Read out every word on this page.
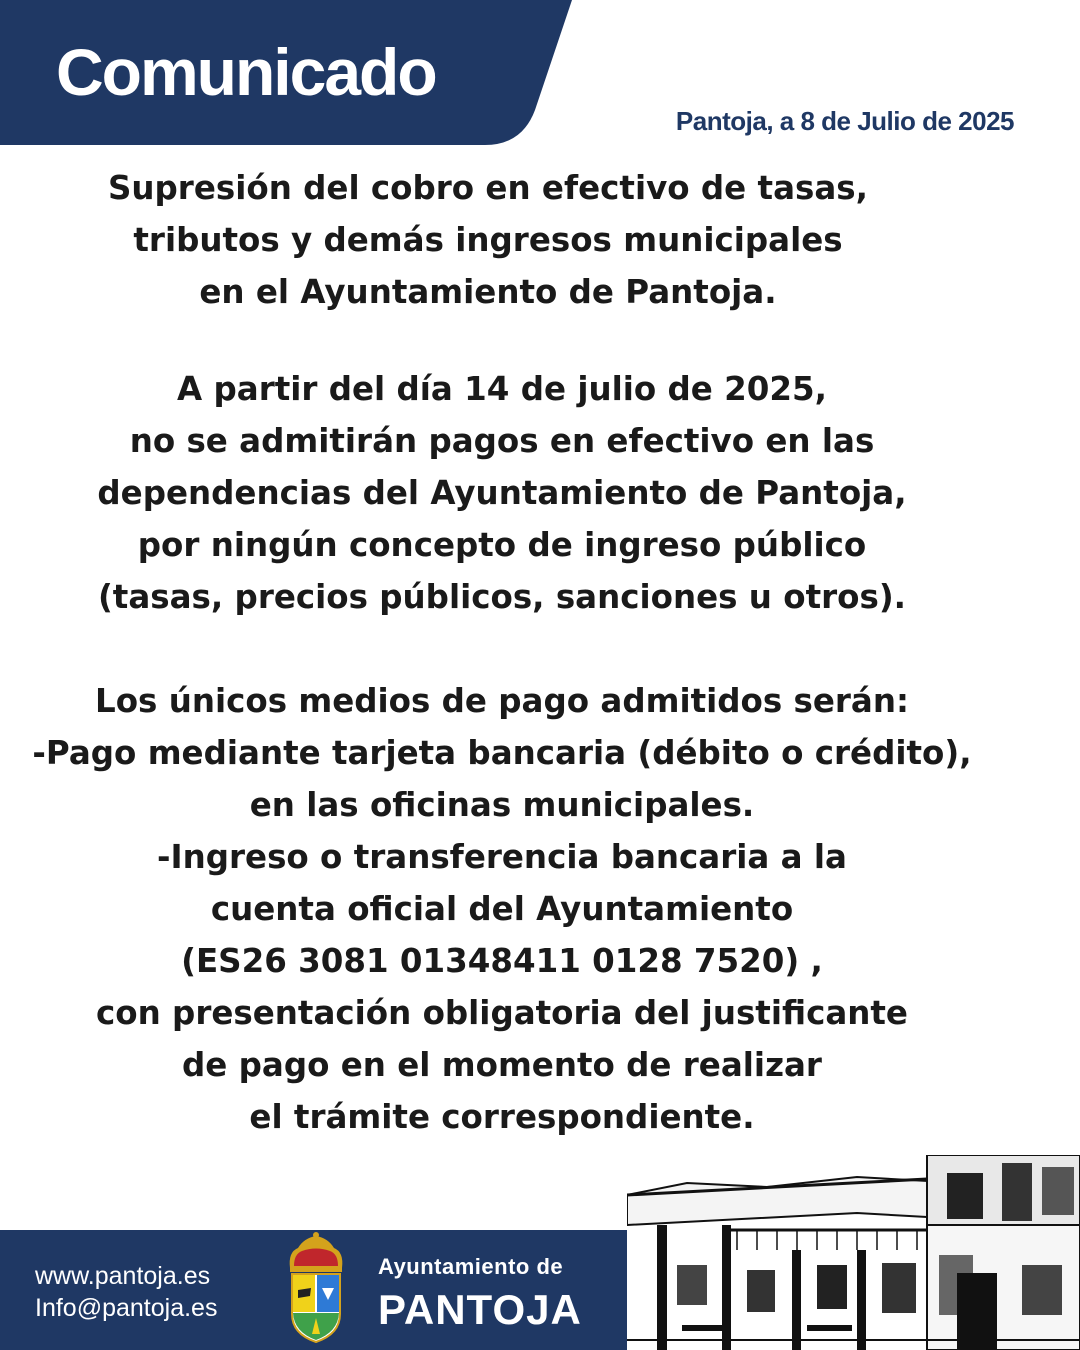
Comunicado
Pantoja, a 8 de Julio de 2025
Supresión del cobro en efectivo de tasas,
tributos y demás ingresos municipales
en el Ayuntamiento de Pantoja.
A partir del día 14 de julio de 2025,
no se admitirán pagos en efectivo en las
dependencias del Ayuntamiento de Pantoja,
por ningún concepto de ingreso público
(tasas, precios públicos, sanciones u otros).
Los únicos medios de pago admitidos serán:
-Pago mediante tarjeta bancaria (débito o crédito),
en las oficinas municipales.
-Ingreso o transferencia bancaria a la
cuenta oficial del Ayuntamiento
(ES26 3081 01348411 0128 7520) ,
con presentación obligatoria del justificante
de pago en el momento de realizar
el trámite correspondiente.
www.pantoja.es
Info@pantoja.es
Ayuntamiento de
PANTOJA
